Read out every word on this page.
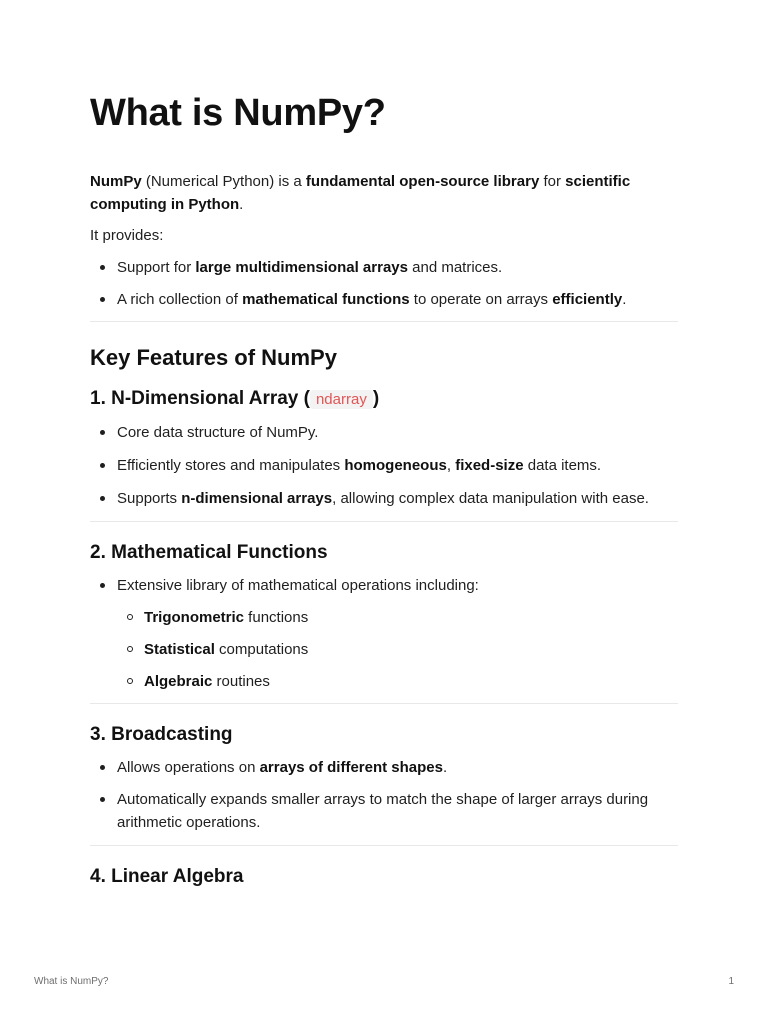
What is NumPy?

NumPy (Numerical Python) is a fundamental open-source library for scientific computing in Python.

It provides:

Support for large multidimensional arrays and matrices.
A rich collection of mathematical functions to operate on arrays efficiently.
Key Features of NumPy
1. N-Dimensional Array ( ndarray )
Core data structure of NumPy.
Efficiently stores and manipulates homogeneous, fixed-size data items.
Supports n-dimensional arrays, allowing complex data manipulation with ease.
2. Mathematical Functions
Extensive library of mathematical operations including:
Trigonometric functions
Statistical computations
Algebraic routines
3. Broadcasting
Allows operations on arrays of different shapes.
Automatically expands smaller arrays to match the shape of larger arrays during arithmetic operations.
4. Linear Algebra
What is NumPy?	1
